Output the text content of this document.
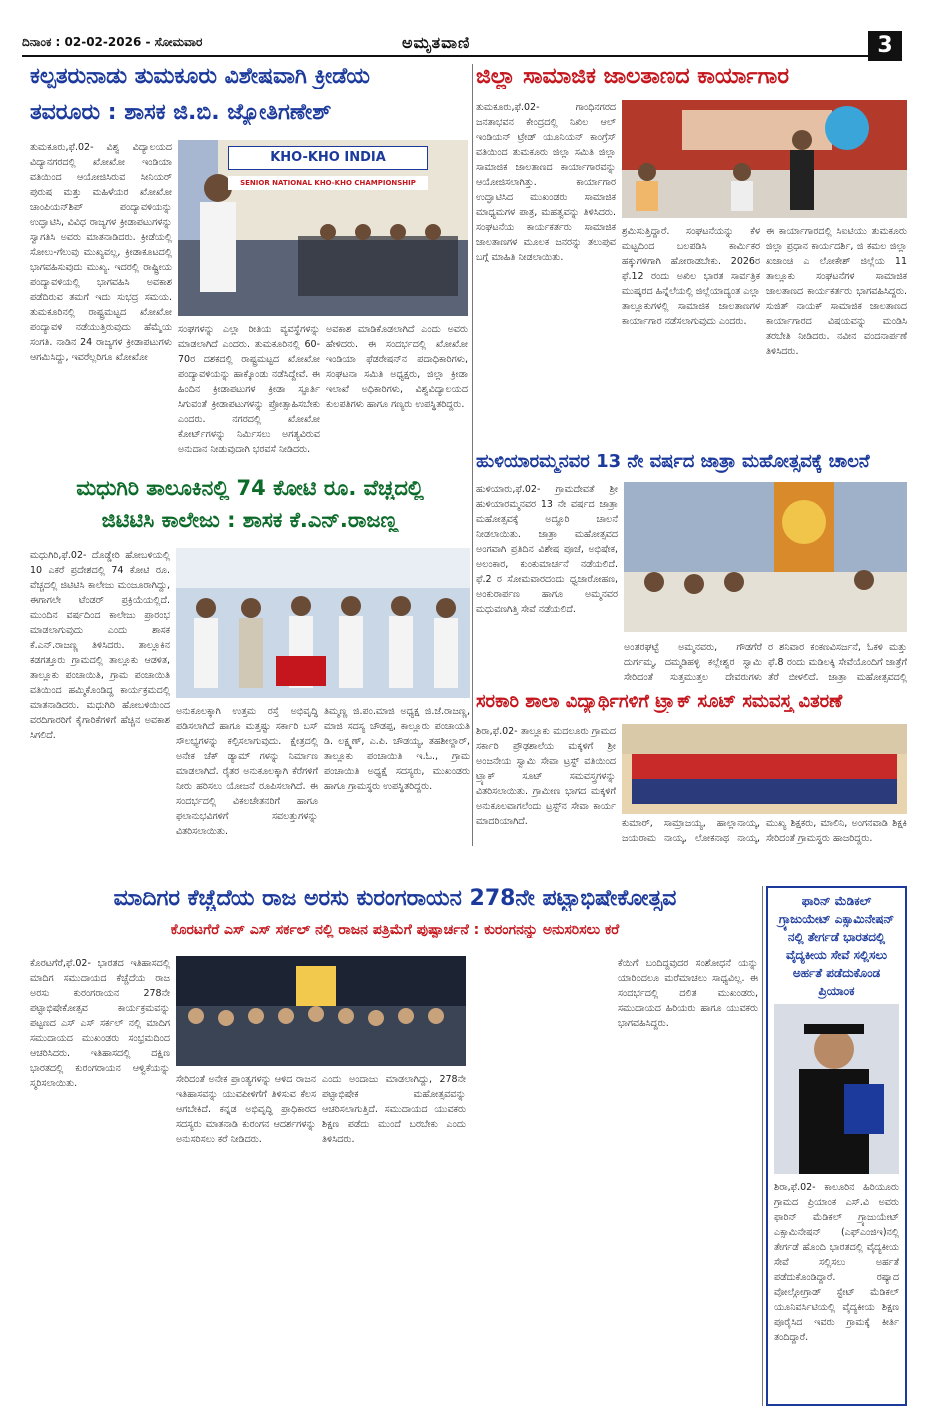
ದಿನಾಂಕ : 02-02-2026 - ಸೋಮವಾರ	ಅಮೃತವಾಣಿ	3
ಕಲ್ಪತರುನಾಡು ತುಮಕೂರು ವಿಶೇಷವಾಗಿ ಕ್ರೀಡೆಯ
ತವರೂರು : ಶಾಸಕ ಜಿ.ಬಿ. ಜ್ಯೋತಿಗಣೇಶ್
ತುಮಕೂರು,ಫೆ.02- ವಿಶ್ವ ವಿದ್ಯಾಲಯದ ವಿದ್ಯಾನಗರದಲ್ಲಿ ಖೋಖೋ ಇಂಡಿಯಾ ವತಿಯಿಂದ ಆಯೋಜಿಸಿರುವ ಸೀನಿಯರ್ ಪುರುಷ ಮತ್ತು ಮಹಿಳೆಯರ ಖೋಖೋ ಚಾಂಪಿಯನ್‌ಶಿಪ್ ಪಂದ್ಯಾವಳಿಯನ್ನು ಉದ್ಘಾಟಿಸಿ, ವಿವಿಧ ರಾಜ್ಯಗಳ ಕ್ರೀಡಾಪಟುಗಳನ್ನು ಸ್ವಾಗತಿಸಿ ಅವರು ಮಾತನಾಡಿದರು. ಕ್ರೀಡೆಯಲ್ಲಿ ಸೋಲು-ಗೆಲುವು ಮುಖ್ಯವಲ್ಲ, ಕ್ರೀಡಾಕೂಟದಲ್ಲಿ ಭಾಗವಹಿಸುವುದು ಮುಖ್ಯ. ಇದರಲ್ಲಿ ರಾಷ್ಟ್ರೀಯ ಪಂದ್ಯಾವಳಿಯಲ್ಲಿ ಭಾಗವಹಿಸಿ ಅವಕಾಶ ಪಡೆದಿರುವ ತಮಗೆ ಇದು ಸುಭದ್ರ ಸಮಯ. ತುಮಕೂರಿನಲ್ಲಿ ರಾಷ್ಟ್ರಮಟ್ಟದ ಖೋಖೋ ಪಂದ್ಯಾವಳಿ ನಡೆಯುತ್ತಿರುವುದು ಹೆಮ್ಮೆಯ ಸಂಗತಿ. ನಾಡಿನ 24 ರಾಜ್ಯಗಳ ಕ್ರೀಡಾಪಟುಗಳು ಆಗಮಿಸಿದ್ದು, ಇವರೆಲ್ಲರಿಗೂ ಖೋಖೋ
KHO-KHO INDIA
SENIOR NATIONAL KHO-KHO CHAMPIONSHIP
ಸಂಘಗಳನ್ನು ಎಲ್ಲಾ ರೀತಿಯ ವ್ಯವಸ್ಥೆಗಳನ್ನು ಮಾಡಲಾಗಿದೆ ಎಂದರು. ತುಮಕೂರಿನಲ್ಲಿ 60-70ರ ದಶಕದಲ್ಲಿ ರಾಷ್ಟ್ರಮಟ್ಟದ ಖೋಖೋ ಪಂದ್ಯಾವಳಿಯನ್ನು ಹಾಕ್ಕೊಂಡು ನಡೆಸಿದ್ದೇವೆ. ಈ ಹಿಂದಿನ ಕ್ರೀಡಾಪಟುಗಳ ಕ್ರೀಡಾ ಸ್ಫೂರ್ತಿ ಸಿಗುವಂತೆ ಕ್ರೀಡಾಪಟುಗಳನ್ನು ಪ್ರೋತ್ಸಾಹಿಸಬೇಕು ಎಂದರು. ನಗರದಲ್ಲಿ ಖೋಖೋ ಕೋರ್ಟ್‌ಗಳನ್ನು ನಿರ್ಮಿಸಲು ಅಗತ್ಯವಿರುವ ಅನುದಾನ ನೀಡುವುದಾಗಿ ಭರವಸೆ ನೀಡಿದರು.
ಅವಕಾಶ ಮಾಡಿಕೊಡಲಾಗಿದೆ ಎಂದು ಅವರು ಹೇಳಿದರು. ಈ ಸಂದರ್ಭದಲ್ಲಿ ಖೋಖೋ ಇಂಡಿಯಾ ಫೆಡರೇಷನ್‌ನ ಪದಾಧಿಕಾರಿಗಳು, ಸಂಘಟನಾ ಸಮಿತಿ ಅಧ್ಯಕ್ಷರು, ಜಿಲ್ಲಾ ಕ್ರೀಡಾ ಇಲಾಖೆ ಅಧಿಕಾರಿಗಳು, ವಿಶ್ವವಿದ್ಯಾಲಯದ ಕುಲಪತಿಗಳು ಹಾಗೂ ಗಣ್ಯರು ಉಪಸ್ಥಿತರಿದ್ದರು.
ಜಿಲ್ಲಾ ಸಾಮಾಜಿಕ ಜಾಲತಾಣದ ಕಾರ್ಯಾಗಾರ
ತುಮಕೂರು,ಫೆ.02- ಗಾಂಧಿನಗರದ ಜನತಾಭವನ ಕೇಂದ್ರದಲ್ಲಿ ನಿಖಿಲ ಆಲ್ ಇಂಡಿಯನ್ ಟ್ರೇಡ್ ಯೂನಿಯನ್ ಕಾಂಗ್ರೆಸ್ ವತಿಯಿಂದ ತುಮಕೂರು ಜಿಲ್ಲಾ ಸಮಿತಿ ಜಿಲ್ಲಾ ಸಾಮಾಜಿಕ ಜಾಲತಾಣದ ಕಾರ್ಯಾಗಾರವನ್ನು ಆಯೋಜಿಸಲಾಗಿತ್ತು. ಕಾರ್ಯಾಗಾರ ಉದ್ಘಾಟಿಸಿದ ಮುಖಂಡರು ಸಾಮಾಜಿಕ ಮಾಧ್ಯಮಗಳ ಪಾತ್ರ, ಮಹತ್ವವನ್ನು ತಿಳಿಸಿದರು. ಸಂಘಟನೆಯ ಕಾರ್ಯಕರ್ತರು ಸಾಮಾಜಿಕ ಜಾಲತಾಣಗಳ ಮೂಲಕ ಜನರನ್ನು ತಲುಪುವ ಬಗ್ಗೆ ಮಾಹಿತಿ ನೀಡಲಾಯಿತು.
ಶ್ರಮಿಸುತ್ತಿದ್ದಾರೆ. ಸಂಘಟನೆಯನ್ನು ಕೆಳ ಮಟ್ಟದಿಂದ ಬಲಪಡಿಸಿ ಕಾರ್ಮಿಕರ ಹಕ್ಕುಗಳಿಗಾಗಿ ಹೋರಾಡಬೇಕು. 2026ರ ಫೆ.12 ರಂದು ಅಖಿಲ ಭಾರತ ಸಾರ್ವತ್ರಿಕ ಮುಷ್ಕರದ ಹಿನ್ನೆಲೆಯಲ್ಲಿ ಜಿಲ್ಲೆಯಾದ್ಯಂತ ಎಲ್ಲಾ ತಾಲ್ಲೂಕುಗಳಲ್ಲಿ ಸಾಮಾಜಿಕ ಜಾಲತಾಣಗಳ ಕಾರ್ಯಾಗಾರ ನಡೆಸಲಾಗುವುದು ಎಂದರು.
ಈ ಕಾರ್ಯಾಗಾರದಲ್ಲಿ ಸಿಐಟಿಯು ತುಮಕೂರು ಜಿಲ್ಲಾ ಪ್ರಧಾನ ಕಾರ್ಯದರ್ಶಿ, ಜಿ ಕಮಲ ಜಿಲ್ಲಾ ಖಜಾಂಚಿ ಎ ಲೋಕೇಶ್ ಜಿಲ್ಲೆಯ 11 ತಾಲ್ಲೂಕು ಸಂಘಟನೆಗಳ ಸಾಮಾಜಿಕ ಜಾಲತಾಣದ ಕಾರ್ಯಕರ್ತರು ಭಾಗವಹಿಸಿದ್ದರು. ಸುಜಿತ್ ನಾಯಕ್ ಸಾಮಾಜಿಕ ಜಾಲತಾಣದ ಕಾರ್ಯಾಗಾರದ ವಿಷಯವನ್ನು ಮಂಡಿಸಿ ತರಬೇತಿ ನೀಡಿದರು. ನವೀನ ವಂದನಾರ್ಪಣೆ ತಿಳಿಸಿದರು.
ಮಧುಗಿರಿ ತಾಲೂಕಿನಲ್ಲಿ 74 ಕೋಟಿ ರೂ. ವೆಚ್ಚದಲ್ಲಿ
ಜಿಟಿಟಿಸಿ ಕಾಲೇಜು : ಶಾಸಕ ಕೆ.ಎನ್.ರಾಜಣ್ಣ
ಮಧುಗಿರಿ,ಫೆ.02- ದೊಡ್ಡೇರಿ ಹೋಬಳಿಯಲ್ಲಿ 10 ಎಕರೆ ಪ್ರದೇಶದಲ್ಲಿ 74 ಕೋಟಿ ರೂ. ವೆಚ್ಚದಲ್ಲಿ ಜಿಟಿಟಿಸಿ ಕಾಲೇಜು ಮಂಜೂರಾಗಿದ್ದು, ಈಗಾಗಲೇ ಟೆಂಡರ್ ಪ್ರಕ್ರಿಯೆಯಲ್ಲಿದೆ. ಮುಂದಿನ ವರ್ಷದಿಂದ ಕಾಲೇಜು ಪ್ರಾರಂಭ ಮಾಡಲಾಗುವುದು ಎಂದು ಶಾಸಕ ಕೆ.ಎನ್.ರಾಜಣ್ಣ ತಿಳಿಸಿದರು. ತಾಲ್ಲೂಕಿನ ಕಡಗತ್ತೂರು ಗ್ರಾಮದಲ್ಲಿ ತಾಲ್ಲೂಕು ಆಡಳಿತ, ತಾಲ್ಲೂಕು ಪಂಚಾಯಿತಿ, ಗ್ರಾಮ ಪಂಚಾಯಿತಿ ವತಿಯಿಂದ ಹಮ್ಮಿಕೊಂಡಿದ್ದ ಕಾರ್ಯಕ್ರಮದಲ್ಲಿ ಮಾತನಾಡಿದರು. ಮಧುಗಿರಿ ಹೋಬಳಿಯಿಂದ ವರದಿಗಾರರಿಗೆ ಕೈಗಾರಿಕೆಗಳಿಗೆ ಹೆಚ್ಚಿನ ಅವಕಾಶ ಸಿಗಲಿದೆ.
ಅನುಕೂಲಕ್ಕಾಗಿ ಉತ್ತಮ ರಸ್ತೆ ಅಭಿವೃದ್ಧಿ ಪಡಿಸಲಾಗಿದೆ ಹಾಗೂ ಮತ್ತಷ್ಟು ಸರ್ಕಾರಿ ಬಸ್ ಸೌಲಭ್ಯಗಳನ್ನು ಕಲ್ಪಿಸಲಾಗುವುದು. ಕ್ಷೇತ್ರದಲ್ಲಿ ಅನೇಕ ಚೆಕ್ ಡ್ಯಾಮ್ ಗಳನ್ನು ನಿರ್ಮಾಣ ಮಾಡಲಾಗಿದೆ. ರೈತರ ಅನುಕೂಲಕ್ಕಾಗಿ ಕೆರೆಗಳಿಗೆ ನೀರು ಹರಿಸಲು ಯೋಜನೆ ರೂಪಿಸಲಾಗಿದೆ. ಈ ಸಂದರ್ಭದಲ್ಲಿ ವಿಕಲಚೇತನರಿಗೆ ಹಾಗೂ ಫಲಾನುಭವಿಗಳಿಗೆ ಸವಲತ್ತುಗಳನ್ನು ವಿತರಿಸಲಾಯಿತು.
ತಿಮ್ಮಣ್ಣ ಜಿ.ಪಂ.ಮಾಜಿ ಅಧ್ಯಕ್ಷ ಜಿ.ಜೆ.ರಾಜಣ್ಣ, ಮಾಜಿ ಸದಸ್ಯ ಚೌಡಪ್ಪ, ಕಾಲ್ಲೂರು ಪಂಚಾಯತಿ ಡಿ. ಲಕ್ಷ್ಮಣ್, ಎ.ಪಿ. ಚೌಡಯ್ಯ, ತಹಶೀಲ್ದಾರ್, ತಾಲ್ಲೂಕು ಪಂಚಾಯಿತಿ ಇ.ಓ., ಗ್ರಾಮ ಪಂಚಾಯಿತಿ ಅಧ್ಯಕ್ಷೆ ಸದಸ್ಯರು, ಮುಖಂಡರು ಹಾಗೂ ಗ್ರಾಮಸ್ಥರು ಉಪಸ್ಥಿತರಿದ್ದರು.
ಹುಳಿಯಾರಮ್ಮನವರ 13 ನೇ ವರ್ಷದ ಜಾತ್ರಾ ಮಹೋತ್ಸವಕ್ಕೆ ಚಾಲನೆ
ಹುಳಿಯಾರು,ಫೆ.02- ಗ್ರಾಮದೇವತೆ ಶ್ರೀ ಹುಳಿಯಾರಮ್ಮನವರ 13 ನೇ ವರ್ಷದ ಜಾತ್ರಾ ಮಹೋತ್ಸವಕ್ಕೆ ಅದ್ದೂರಿ ಚಾಲನೆ ನೀಡಲಾಯಿತು. ಜಾತ್ರಾ ಮಹೋತ್ಸವದ ಅಂಗವಾಗಿ ಪ್ರತಿದಿನ ವಿಶೇಷ ಪೂಜೆ, ಅಭಿಷೇಕ, ಅಲಂಕಾರ, ಕುಂಕುಮಾರ್ಚನೆ ನಡೆಯಲಿದೆ. ಫೆ.2 ರ ಸೋಮವಾರದಂದು ಧ್ವಜಾರೋಹಣ, ಅಂಕುರಾರ್ಪಣ ಹಾಗೂ ಅಮ್ಮನವರ ಮಧುವಣಗಿತ್ತಿ ಸೇವೆ ನಡೆಯಲಿದೆ.
ಅಂತರಘಟ್ಟೆ ಅಮ್ಮನವರು, ಗೌಡಗೆರೆ ದುರ್ಗಮ್ಮ, ದಮ್ಮಡಿಹಳ್ಳಿ ಕಲ್ಲೇಶ್ವರ ಸ್ವಾಮಿ ಸೇರಿದಂತೆ ಸುತ್ತಮುತ್ತಲ ದೇವರುಗಳು
ರ ಶನಿವಾರ ಕಂಕಣವಿಸರ್ಜನೆ, ಓಕಳಿ ಮತ್ತು ಫೆ.8 ರಂದು ಮಡಿಲಕ್ಕಿ ಸೇವೆಯೊಂದಿಗೆ ಜಾತ್ರೆಗೆ ತೆರೆ ಬೀಳಲಿದೆ. ಜಾತ್ರಾ ಮಹೋತ್ಸವದಲ್ಲಿ
ಸರಕಾರಿ ಶಾಲಾ ವಿದ್ಯಾರ್ಥಿಗಳಿಗೆ ಟ್ರ್ಯಾಕ್ ಸೂಟ್ ಸಮವಸ್ತ್ರ ವಿತರಣೆ
ಶಿರಾ,ಫೆ.02- ತಾಲ್ಲೂಕು ಮದಲೂರು ಗ್ರಾಮದ ಸರ್ಕಾರಿ ಪ್ರೌಢಶಾಲೆಯ ಮಕ್ಕಳಿಗೆ ಶ್ರೀ ಅಂಜನೇಯ ಸ್ವಾಮಿ ಸೇವಾ ಟ್ರಸ್ಟ್ ವತಿಯಿಂದ ಟ್ರ್ಯಾಕ್ ಸೂಟ್ ಸಮವಸ್ತ್ರಗಳನ್ನು ವಿತರಿಸಲಾಯಿತು. ಗ್ರಾಮೀಣ ಭಾಗದ ಮಕ್ಕಳಿಗೆ ಅನುಕೂಲವಾಗಲೆಂದು ಟ್ರಸ್ಟ್‌ನ ಸೇವಾ ಕಾರ್ಯ ಮಾದರಿಯಾಗಿದೆ.	ಕುಮಾರ್, ಸಾಮ್ರಾಜಯ್ಯ, ಹಾಲ್ಲಾನಾಯ್ಕ, ಜಯರಾಮ ನಾಯ್ಕ, ಲೋಕನಾಥ ನಾಯ್ಕ,
ಮುಖ್ಯ ಶಿಕ್ಷಕರು, ಮಾಲಿನಿ, ಅಂಗನವಾಡಿ ಶಿಕ್ಷಕಿ ಸೇರಿದಂತೆ ಗ್ರಾಮಸ್ಥರು ಹಾಜರಿದ್ದರು.
ಮಾದಿಗರ ಕೆಚ್ಚೆದೆಯ ರಾಜ ಅರಸು ಕುರಂಗರಾಯನ 278ನೇ ಪಟ್ಟಾಭಿಷೇಕೋತ್ಸವ
ಕೊರಟಗೆರೆ ಎಸ್ ಎಸ್ ಸರ್ಕಲ್ ನಲ್ಲಿ ರಾಜನ ಪತ್ರಿಮೆಗೆ ಪುಷ್ಪಾರ್ಚನೆ : ಕುರಂಗನನ್ನು ಅನುಸರಿಸಲು ಕರೆ
ಕೊರಟಗೆರೆ,ಫೆ.02- ಭಾರತದ ಇತಿಹಾಸದಲ್ಲಿ ಮಾದಿಗ ಸಮುದಾಯದ ಕೆಚ್ಚೆದೆಯ ರಾಜ ಅರಸು ಕುರಂಗರಾಯನ 278ನೇ ಪಟ್ಟಾಭಿಷೇಕೋತ್ಸವ ಕಾರ್ಯಕ್ರಮವನ್ನು ಪಟ್ಟಣದ ಎಸ್ ಎಸ್ ಸರ್ಕಲ್ ನಲ್ಲಿ ಮಾದಿಗ ಸಮುದಾಯದ ಮುಖಂಡರು ಸಂಭ್ರಮದಿಂದ ಆಚರಿಸಿದರು. ಇತಿಹಾಸದಲ್ಲಿ ದಕ್ಷಿಣ ಭಾರತದಲ್ಲಿ ಕುರಂಗರಾಯನ ಆಳ್ವಿಕೆಯನ್ನು ಸ್ಮರಿಸಲಾಯಿತು.	ಸೇರಿದಂತೆ ಅನೇಕ ಪ್ರಾಂತ್ಯಗಳನ್ನು ಆಳಿದ ರಾಜನ ಇತಿಹಾಸವನ್ನು ಯುವಪೀಳಿಗೆಗೆ ತಿಳಿಸುವ ಕೆಲಸ ಆಗಬೇಕಿದೆ. ಕನ್ನಡ ಅಭಿವೃದ್ಧಿ ಪ್ರಾಧಿಕಾರದ ಸದಸ್ಯರು ಮಾತನಾಡಿ ಕುರಂಗನ ಆದರ್ಶಗಳನ್ನು ಅನುಸರಿಸಲು ಕರೆ ನೀಡಿದರು.
ಎಂದು ಅಂದಾಜು ಮಾಡಲಾಗಿದ್ದು, 278ನೇ ಪಟ್ಟಾಭಿಷೇಕ ಮಹೋತ್ಸವವನ್ನು ಆಚರಿಸಲಾಗುತ್ತಿದೆ. ಸಮುದಾಯದ ಯುವಕರು ಶಿಕ್ಷಣ ಪಡೆದು ಮುಂದೆ ಬರಬೇಕು ಎಂದು ತಿಳಿಸಿದರು.
ಕೆಯಿಗೆ ಬಂದಿದ್ದವುದರ ಸಂಶೋಧನೆ ಯನ್ನು ಯಾರಿಂದಲೂ ಮರೆಮಾಚಲು ಸಾಧ್ಯವಿಲ್ಲ. ಈ ಸಂದರ್ಭದಲ್ಲಿ ದಲಿತ ಮುಖಂಡರು, ಸಮುದಾಯದ ಹಿರಿಯರು ಹಾಗೂ ಯುವಕರು ಭಾಗವಹಿಸಿದ್ದರು.
ಫಾರಿನ್ ಮೆಡಿಕಲ್ ಗ್ರ್ಯಾಜುಯೇಟ್ ಎಕ್ಸಾಮಿನೇಷನ್ ನಲ್ಲಿ ತೇರ್ಗಡೆ ಭಾರತದಲ್ಲಿ ವೈದ್ಯಕೀಯ ಸೇವೆ ಸಲ್ಲಿಸಲು ಅರ್ಹತೆ ಪಡೆದುಕೊಂಡ ಪ್ರಿಯಾಂಕ
ಶಿರಾ,ಫೆ.02- ಕಾಲೂರಿನ ಹಿರಿಯೂರು ಗ್ರಾಮದ ಪ್ರಿಯಾಂಕ ಎಸ್.ವಿ ಅವರು ಫಾರಿನ್ ಮೆಡಿಕಲ್ ಗ್ರ್ಯಾಜುಯೇಟ್ ಎಕ್ಸಾಮಿನೇಷನ್ (ಎಫ್‌ಎಂಜಿಇ)ನಲ್ಲಿ ತೇರ್ಗಡೆ ಹೊಂದಿ ಭಾರತದಲ್ಲಿ ವೈದ್ಯಕೀಯ ಸೇವೆ ಸಲ್ಲಿಸಲು ಅರ್ಹತೆ ಪಡೆದುಕೊಂಡಿದ್ದಾರೆ. ರಷ್ಯಾದ ವೋಲ್ಗೋಗ್ರಾಡ್ ಸ್ಟೇಟ್ ಮೆಡಿಕಲ್ ಯೂನಿವರ್ಸಿಟಿಯಲ್ಲಿ ವೈದ್ಯಕೀಯ ಶಿಕ್ಷಣ ಪೂರೈಸಿದ ಇವರು ಗ್ರಾಮಕ್ಕೆ ಕೀರ್ತಿ ತಂದಿದ್ದಾರೆ.
